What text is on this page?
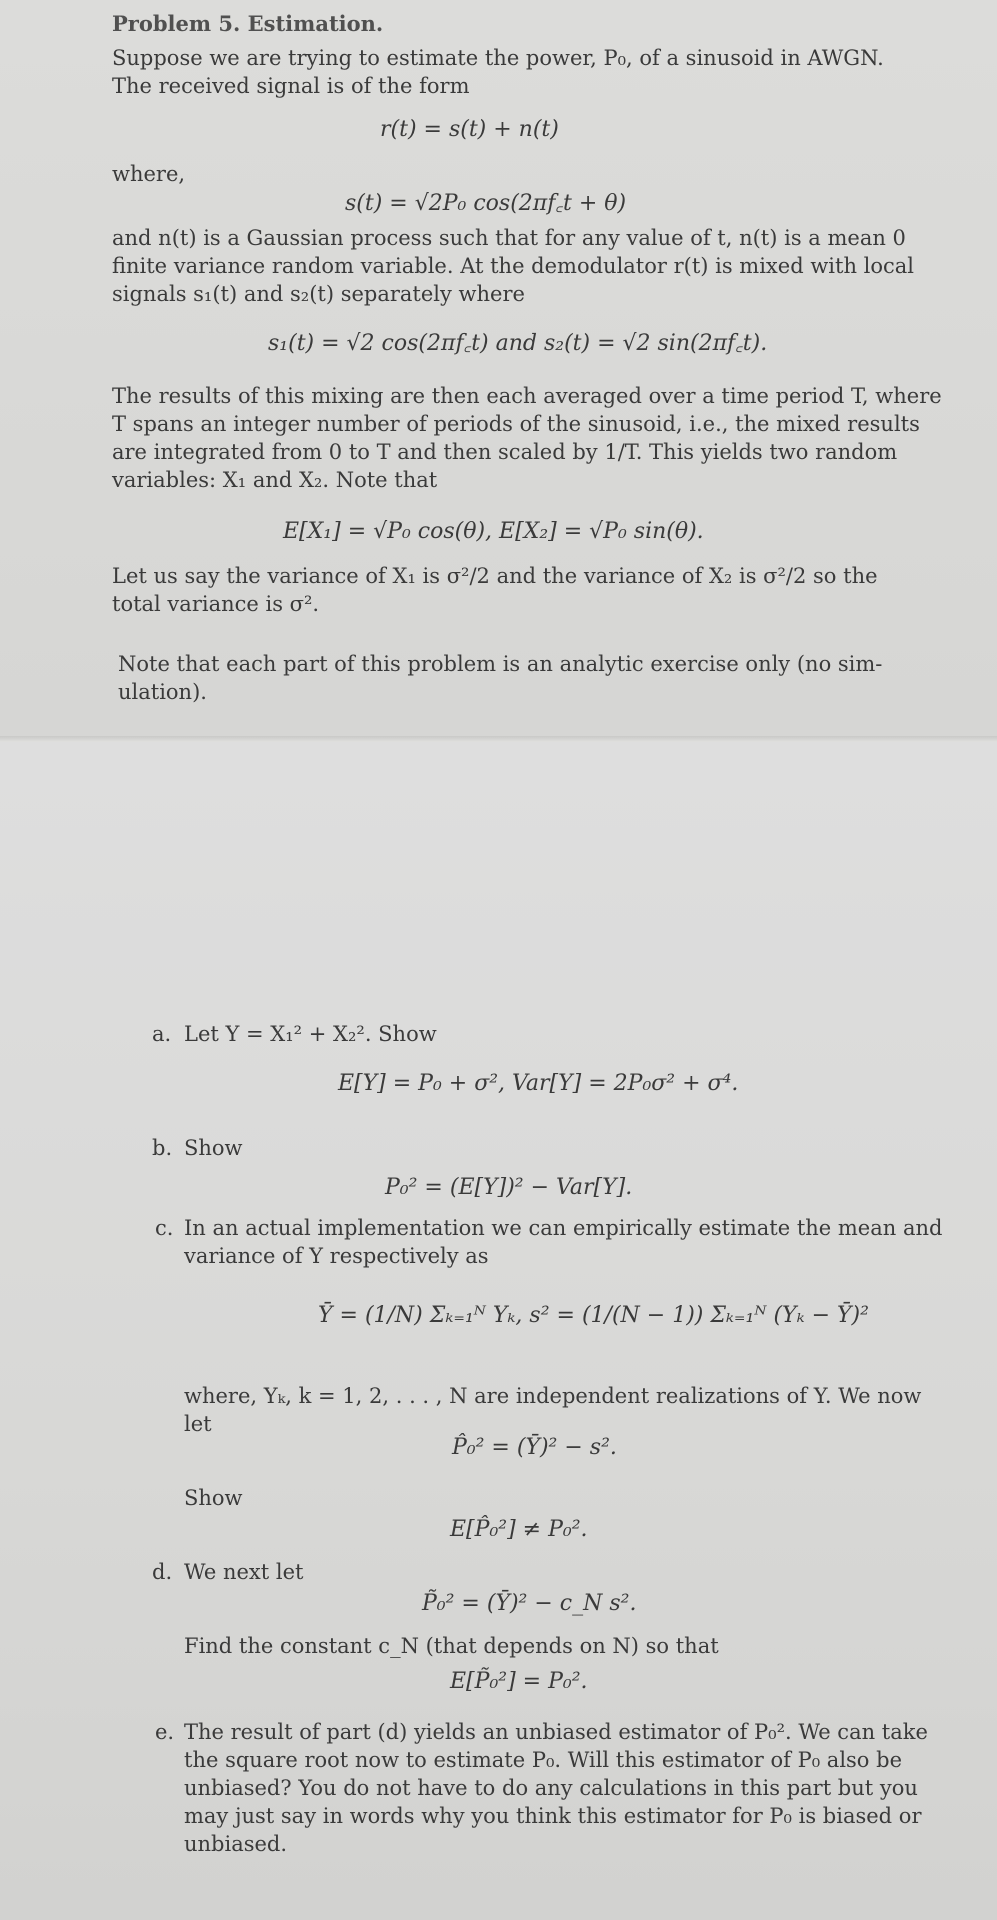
Problem 5. Estimation.
Suppose we are trying to estimate the power, P₀, of a sinusoid in AWGN.
The received signal is of the form
r(t) = s(t) + n(t)
where,
s(t) = √2P₀ cos(2πf꜀t + θ)
and n(t) is a Gaussian process such that for any value of t, n(t) is a mean 0
finite variance random variable. At the demodulator r(t) is mixed with local
signals s₁(t) and s₂(t) separately where
s₁(t) = √2 cos(2πf꜀t) and s₂(t) = √2 sin(2πf꜀t).
The results of this mixing are then each averaged over a time period T, where
T spans an integer number of periods of the sinusoid, i.e., the mixed results
are integrated from 0 to T and then scaled by 1/T. This yields two random
variables: X₁ and X₂. Note that
E[X₁] = √P₀ cos(θ), E[X₂] = √P₀ sin(θ).
Let us say the variance of X₁ is σ²/2 and the variance of X₂ is σ²/2 so the
total variance is σ².
Note that each part of this problem is an analytic exercise only (no sim-
ulation).
a. Let Y = X₁² + X₂². Show
E[Y] = P₀ + σ², Var[Y] = 2P₀σ² + σ⁴.
b. Show
P₀² = (E[Y])² − Var[Y].
c. In an actual implementation we can empirically estimate the mean and
variance of Y respectively as
Ȳ = (1/N) Σₖ₌₁ᴺ Yₖ, s² = (1/(N − 1)) Σₖ₌₁ᴺ (Yₖ − Ȳ)²
where, Yₖ, k = 1, 2, . . . , N are independent realizations of Y. We now
let
P̂₀² = (Ȳ)² − s².
Show
E[P̂₀²] ≠ P₀².
d. We next let
P̃₀² = (Ȳ)² − c_N s².
Find the constant c_N (that depends on N) so that
E[P̃₀²] = P₀².
e. The result of part (d) yields an unbiased estimator of P₀². We can take
the square root now to estimate P₀. Will this estimator of P₀ also be
unbiased? You do not have to do any calculations in this part but you
may just say in words why you think this estimator for P₀ is biased or
unbiased.
